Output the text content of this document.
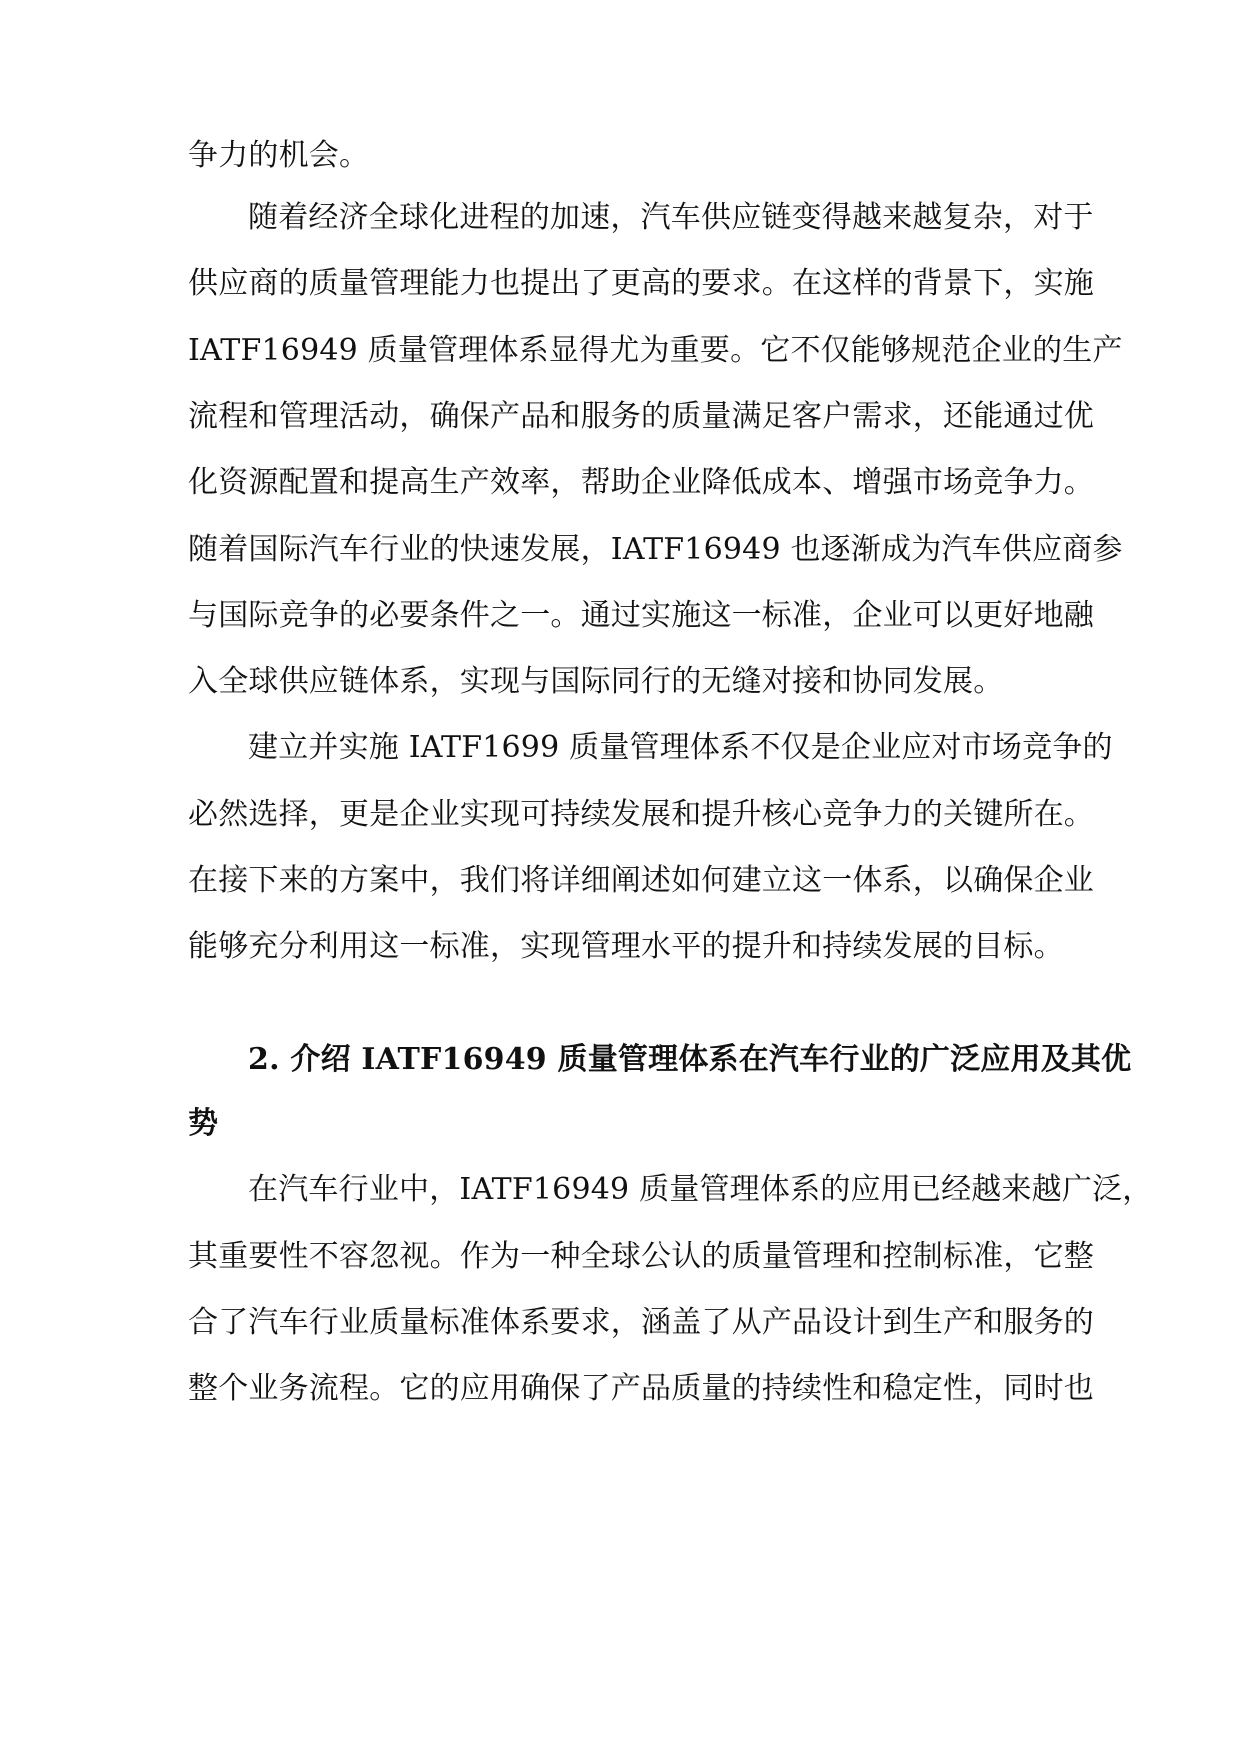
争力的机会。

随着经济全球化进程的加速，汽车供应链变得越来越复杂，对于

供应商的质量管理能力也提出了更高的要求。在这样的背景下，实施

IATF16949 质量管理体系显得尤为重要。它不仅能够规范企业的生产

流程和管理活动，确保产品和服务的质量满足客户需求，还能通过优

化资源配置和提高生产效率，帮助企业降低成本、增强市场竞争力。

随着国际汽车行业的快速发展，IATF16949 也逐渐成为汽车供应商参

与国际竞争的必要条件之一。通过实施这一标准，企业可以更好地融

入全球供应链体系，实现与国际同行的无缝对接和协同发展。

建立并实施 IATF1699 质量管理体系不仅是企业应对市场竞争的

必然选择，更是企业实现可持续发展和提升核心竞争力的关键所在。

在接下来的方案中，我们将详细阐述如何建立这一体系，以确保企业

能够充分利用这一标准，实现管理水平的提升和持续发展的目标。

2. 介绍 IATF16949 质量管理体系在汽车行业的广泛应用及其优

势

在汽车行业中，IATF16949 质量管理体系的应用已经越来越广泛，

其重要性不容忽视。作为一种全球公认的质量管理和控制标准，它整

合了汽车行业质量标准体系要求，涵盖了从产品设计到生产和服务的

整个业务流程。它的应用确保了产品质量的持续性和稳定性，同时也
